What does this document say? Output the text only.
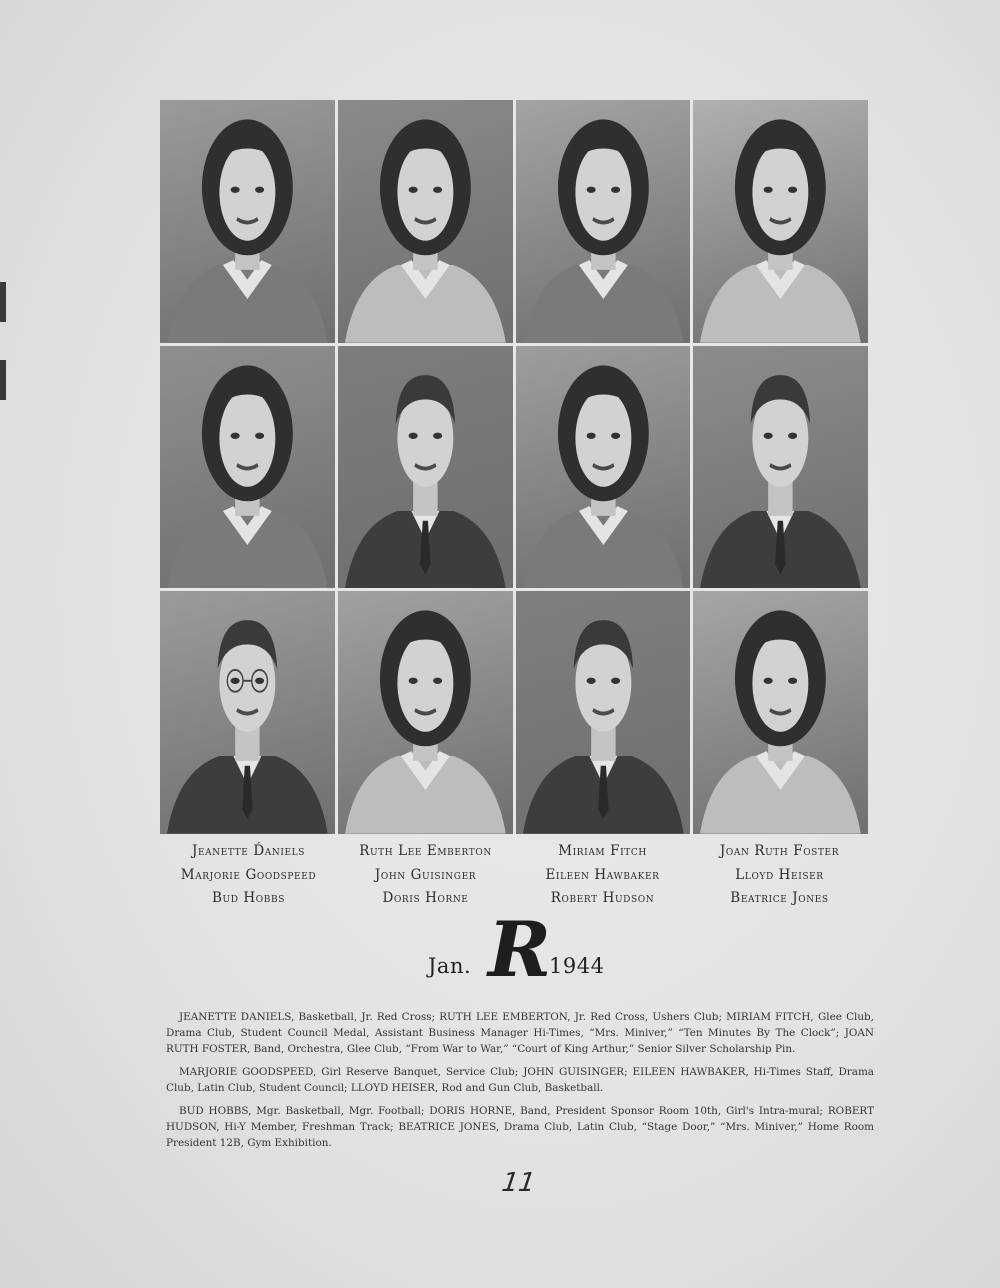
Jeanette D́aniels
Marjorie Goodspeed
Bud Hobbs
Ruth Lee Emberton
John Guisinger
Doris Horne
Miriam Fitch
Eileen Hawbaker
Robert Hudson
Joan Ruth Foster
Lloyd Heiser
Beatrice Jones
Jan. R
1944

JEANETTE DANIELS, Basketball, Jr. Red Cross; RUTH LEE EMBERTON, Jr. Red Cross, Ushers Club; MIRIAM FITCH, Glee Club, Drama Club, Student Council Medal, Assistant Business Manager Hi-Times, “Mrs. Miniver,” “Ten Minutes By The Clock”; JOAN RUTH FOSTER, Band, Orchestra, Glee Club, “From War to War,” “Court of King Arthur,” Senior Silver Scholarship Pin.

MARJORIE GOODSPEED, Girl Reserve Banquet, Service Club; JOHN GUISINGER; EILEEN HAWBAKER, Hi-Times Staff, Drama Club, Latin Club, Student Council; LLOYD HEISER, Rod and Gun Club, Basketball.

BUD HOBBS, Mgr. Basketball, Mgr. Football; DORIS HORNE, Band, President Sponsor Room 10th, Girl's Intra-mural; ROBERT HUDSON, Hi-Y Member, Freshman Track; BEATRICE JONES, Drama Club, Latin Club, “Stage Door,” “Mrs. Miniver,” Home Room President 12B, Gym Exhibition.

11
